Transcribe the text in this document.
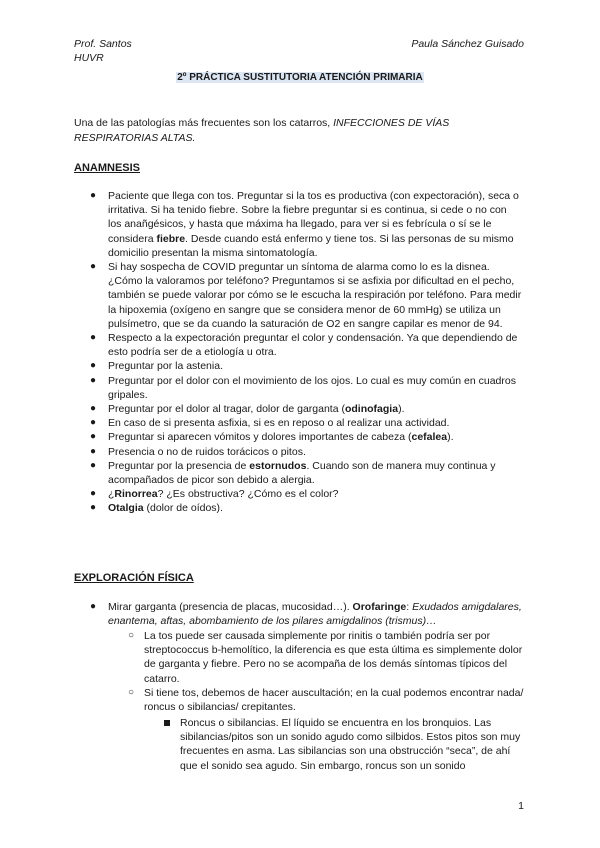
Prof. Santos
HUVR
Paula Sánchez Guisado
2º PRÁCTICA SUSTITUTORIA ATENCIÓN PRIMARIA
Una de las patologías más frecuentes son los catarros, INFECCIONES DE VÍAS RESPIRATORIAS ALTAS.
ANAMNESIS
● Paciente que llega con tos. Preguntar si la tos es productiva (con expectoración), seca o irritativa. Si ha tenido fiebre. Sobre la fiebre preguntar si es continua, si cede o no con los anañgésicos, y hasta que máxima ha llegado, para ver si es febrícula o sí se le considera fiebre. Desde cuando está enfermo y tiene tos. Si las personas de su mismo domicilio presentan la misma sintomatología.
● Si hay sospecha de COVID preguntar un síntoma de alarma como lo es la disnea. ¿Cómo la valoramos por teléfono? Preguntamos si se asfixia por dificultad en el pecho, también se puede valorar por cómo se le escucha la respiración por teléfono. Para medir la hipoxemia (oxígeno en sangre que se considera menor de 60 mmHg) se utiliza un pulsímetro, que se da cuando la saturación de O2 en sangre capilar es menor de 94.
● Respecto a la expectoración preguntar el color y condensación. Ya que dependiendo de esto podría ser de a etiología u otra.
● Preguntar por la astenia.
● Preguntar por el dolor con el movimiento de los ojos. Lo cual es muy común en cuadros gripales.
● Preguntar por el dolor al tragar, dolor de garganta (odinofagia).
● En caso de si presenta asfixia, si es en reposo o al realizar una actividad.
● Preguntar si aparecen vómitos y dolores importantes de cabeza (cefalea).
● Presencia o no de ruidos torácicos o pitos.
● Preguntar por la presencia de estornudos. Cuando son de manera muy continua y acompañados de picor son debido a alergia.
● ¿Rinorrea? ¿Es obstructiva? ¿Cómo es el color?
● Otalgia (dolor de oídos).
EXPLORACIÓN FÍSICA
● Mirar garganta (presencia de placas, mucosidad…). Orofaringe: Exudados amigdalares, enantema, aftas, abombamiento de los pilares amigdalinos (trismus)…
○ La tos puede ser causada simplemente por rinitis o también podría ser por streptococcus b-hemolítico, la diferencia es que esta última es simplemente dolor de garganta y fiebre. Pero no se acompaña de los demás síntomas típicos del catarro.
○ Si tiene tos, debemos de hacer auscultación; en la cual podemos encontrar nada/ roncus o sibilancias/ crepitantes.
Roncus o sibilancias. El líquido se encuentra en los bronquios. Las sibilancias/pitos son un sonido agudo como silbidos. Estos pitos son muy frecuentes en asma. Las sibilancias son una obstrucción “seca”, de ahí que el sonido sea agudo. Sin embargo, roncus son un sonido
1
